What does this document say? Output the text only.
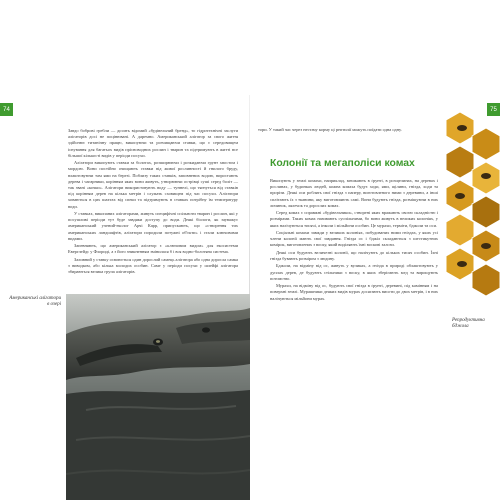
74	75

Завдо боброві гребли — досить відомий «будівельний бренд», то гідротехнічні заслуги алігаторів досі не поцінювані. А даремно. Американський алігатор за свого життя здійснює титанічну працю, викопуючи та розчищаючи ставки, що є середовищем існування для багатьох видів прісноводних рослин і тварин та підтримують в житті все більшої кількості видів у періоди посухи.

Алігатори викопують ставки за болотах, розширюючи і розкидаючи грунт хвостом і мордою. Вони постійно очищають ставки від живої рослинності й гнилого бруду, влаштовуючи там ями на березі. Поблизу таких ставків, заповнених водою, виростають дерева і чагарники, корінням яких вони живуть, утворюючи острівці суші серед боліт — так звані «кочки». Алігатори використовують воду — туннелі, що тягнуться від ставків під корінням дерев на кілька метрів і служать сховищем під час посухи. Алігатори ховаються в цих шахтах від спеки та підтримують в ставках потрібну їм температуру води.

У ставках, викопаних алігаторами, живуть специфічні спільноти тварин і рослин, які у посушливі періоди тут буде завдяки доступу до води. Деякі біологи, як зауважує американський учений-еколог Арчі Карр, припускають, що «створення тих американських ландшафтів, алігатори породили потужні об'єкти» і стали ключовими видами.

Запевняють, що американський алігатор є «ключовим видом» для екосистеми Еверглейдс у Флориді, а з його зникненням змінилася б і вся водно-болотяна система.

Заливний у ставку освоюється один дорослий самець алігатора або одна доросла самка з виводком, або кілька молодих особин. Саме у періоди посухи у шлейфі алігатора збираються велика група алігаторів.

Американські алігатори в озері

тори. У такий час через нестачу корму ці рептилії можуть поїдати одна одну.

Колонії та мегаполіси комах

Викопують у землі комахи, наприклад, мешкають в ґрунті, в розщелинах, на деревах і рослинах, у будинках людей, кожна комаха будує ходи, ями, щілини, гнізда, ходи та прорізи. Деякі оси роблять свої гнізда з паперу, виготовленого ними з деревини, а інші сплітають їх з тканини, яку виготовляють самі. Вони будують гнізда, розміщуючи в них личинок, лялечок та дорослих комах.

Серед комах є справжні «будівельники», створені яких вражають своєю складністю і розмірами. Таких комах називають суспільними, бо вони живуть в великих колоніях, у яких налічуються тисячі, а інколи і мільйони особин. Це мурахи, терміти, бджоли та оси.

Соціальні комахи завжди у великих колоніях, побудованих ними гніздах, у яких усі члени колонії мають свої завдання. Гнізда ос і бджіл складаються з шестикутних комірок, виготовлених з воску, який виділяють їхні воскові залози.

Деякі оси будують величезні колонії, що налічують до кількох тисяч особин. Їхні гнізда бувають розміром з людину.

Бджоли, на відміну від ос, живуть у вуликах, а гнізда в природі облаштовують у дуплах дерев, де будують стільники з воску, в яких зберігають мед та вирощують потомство.

Мурахи, на відміну від ос, будують свої гнізда в ґрунті, деревині, під камінням і на поверхні землі. Мурашники деяких видів мурах досягають висоти до двох метрів, і в них налічуються мільйони мурах.

Репродуктивна бджола
